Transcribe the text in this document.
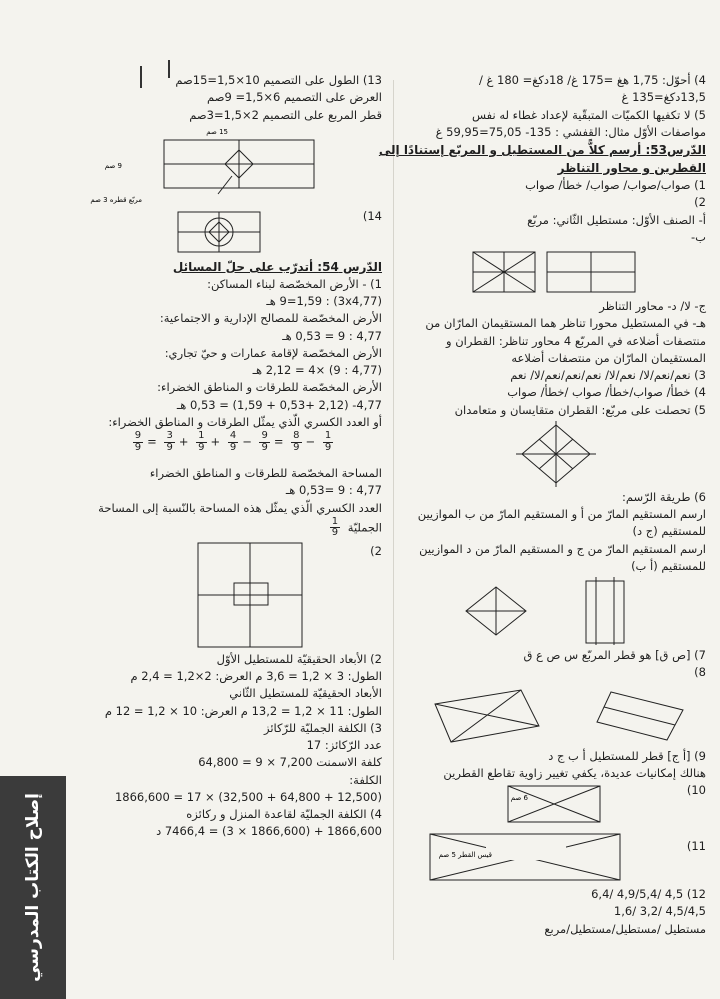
4) أحوّل: 1,75 هغ =175 غ/ 18دكغ= 180 غ /
13,5دكغ=135 غ
5) لا تكفيها الكميّات المتبقّية لإعداد غطاء له نفس
مواصفات الأوّل مثال: القفشي : 135- 75,05=59,95 غ
الدّرس53: أرسم كلاًّ من المستطيل و المربّع إستنادًا إلى
القطرين و محاور التناظر
1) صواب/صواب/ صواب/ خطأ/ صواب
2)
أ- الصنف الأوّل: مستطيل الثّاني: مربّع
ب-
ج- لا/ د- محاور التناظر
هـ- في المستطيل محورا تناظر هما المستقيمان المارّان من
منتصفات أضلاعه في المربّع 4 محاور تناظر: القطران و
المستقيمان المارّان من منتصفات أضلاعه
3) نعم/نعم/لا/ نعم/لا/ نعم/نعم/نعم/لا/ نعم
4) خطأ/ صواب/خطأ/ صواب /خطأ/ صواب
5) تحصلت على مربّع: القطران متقايسان و متعامدان
6) طريقة الرّسم:
ارسم المستقيم المارّ من أ و المستقيم المارّ من ب الموازيين
للمستقيم (ج د)
ارسم المستقيم المارّ من ج و المستقيم المارّ من د الموازيين
للمستقيم (أ ب)
7) [ص ق] هو قطر المربّع س ص ع ق
8)
9) [أ ج] قطر للمستطيل أ ب ج د
هنالك إمكانيات عديدة، يكفي تغيير زاوية تقاطع القطرين
10)
6 صم
11)
قيس القطر 5 صم
12) 4,5 /4,9/5,4 /6,4
4,5/4,5 /3,2 /1,6
مستطيل /مستطيل/مستطيل/مربع
13) الطول على التصميم 10×1,5=15صم
العرض على التصميم 6×1,5= 9صم
قطر المربع على التصميم 2×1,5=3صم
15 صم
9 صم
مربّع قطره 3 صم
14)
الدّرس 54: أتدرّب على حلّ المسائل
1) - الأرض المخصّصة لبناء المساكن:
(3x4,77) : 9=1,59 هـ
الأرض المخصّصة للمصالح الإدارية و الاجتماعية:
4,77 : 9 = 0,53 هـ
الأرض المخصّصة لإقامة عمارات و حيّ تجاري:
(4,77 : 9) ×4 = 2,12 هـ
الأرض المخصّصة للطرقات و المناطق الخضراء:
4,77- (2,12 +0,53 + 1,59) = 0,53 هـ
أو العدد الكسري الّذي يمثّل الطرقات و المناطق الخضراء:
$\frac{9}{9} = \frac{3}{9} + \frac{1}{9} + \frac{4}{9} - \frac{9}{9} = \frac{8}{9} - \frac{1}{9}$
المساحة المخصّصة للطرقات و المناطق الخضراء
4,77 : 9 =0,53 هـ
العدد الكسري الّذي يمثّل هذه المساحة بالنّسبة إلى المساحة
الجمليّة
$\frac{1}{9}$
2)
2) الأبعاد الحقيقيّة للمستطيل الأوّل
الطول: 3 × 1,2 = 3,6 م العرض: 2×1,2 = 2,4 م
الأبعاد الحقيقيّة للمستطيل الثّاني
الطول: 11 × 1,2 = 13,2 م العرض: 10 × 1,2 = 12 م
3) الكلفة الجمليّة للرّكائز
عدد الرّكائز: 17
كلفة الاسمنت 7,200 × 9 = 64,800
الكلفة:
(12,500 + 64,800 + 32,500) × 17 = 1866,600
4) الكلفة الجمليّة لقاعدة المنزل و ركائزه
1866,600 + (1866,600 × 3) = 7466,4 د
إصلاح الكتاب المدرسي
